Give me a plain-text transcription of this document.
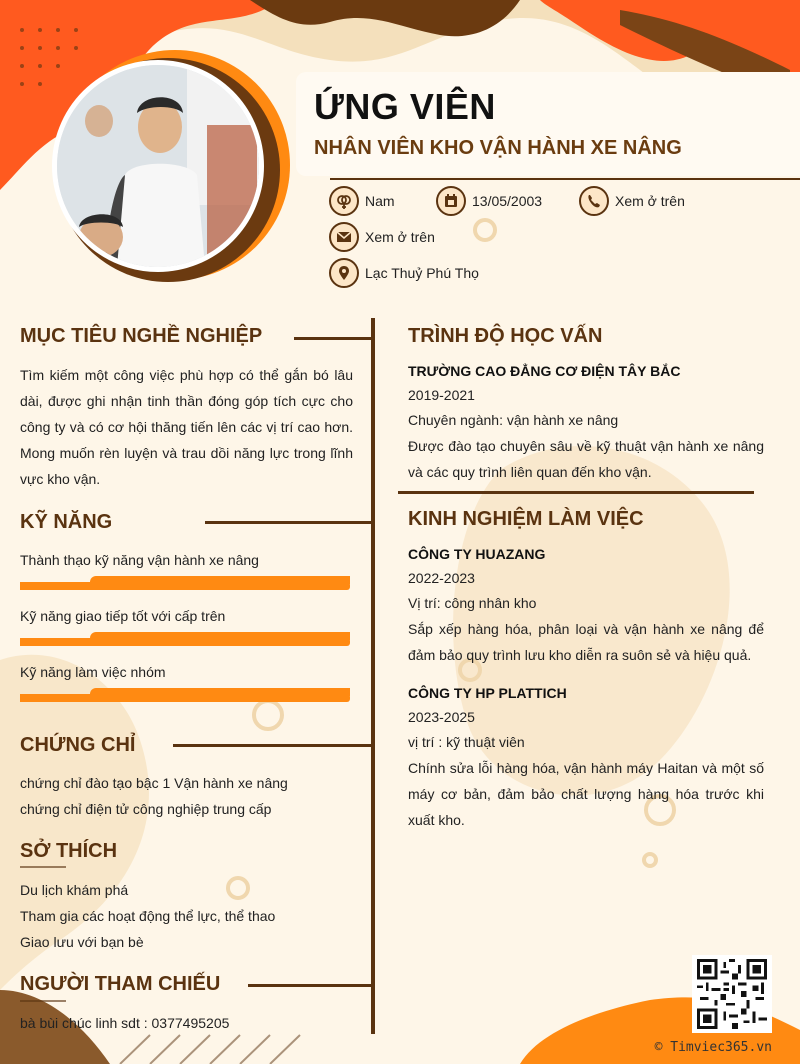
ỨNG VIÊN
NHÂN VIÊN KHO VẬN HÀNH XE NÂNG
Nam	13/05/2003	Xem ở trên
Xem ở trên
Lạc Thuỷ Phú Thọ
MỤC TIÊU NGHỀ NGHIỆP
Tìm kiếm một công việc phù hợp có thể gắn bó lâu dài, được ghi nhận tinh thần đóng góp tích cực cho công ty và có cơ hội thăng tiến lên các vị trí cao hơn. Mong muốn rèn luyện và trau dồi năng lực trong lĩnh vực kho vận.
KỸ NĂNG
Thành thạo kỹ năng vận hành xe nâng
Kỹ năng giao tiếp tốt với cấp trên
Kỹ năng làm việc nhóm
CHỨNG CHỈ
chứng chỉ đào tạo bậc 1 Vận hành xe nâng
chứng chỉ điện tử công nghiệp trung cấp
SỞ THÍCH
Du lịch khám phá
Tham gia các hoạt động thể lực, thể thao
Giao lưu với bạn bè
NGƯỜI THAM CHIẾU
bà bùi chúc linh sdt : 0377495205
TRÌNH ĐỘ HỌC VẤN
TRƯỜNG CAO ĐẲNG CƠ ĐIỆN TÂY BẮC
2019-2021
Chuyên ngành: vận hành xe nâng
Được đào tạo chuyên sâu về kỹ thuật vận hành xe nâng và các quy trình liên quan đến kho vận.
KINH NGHIỆM LÀM VIỆC
CÔNG TY HUAZANG
2022-2023
Vị trí: công nhân kho
Sắp xếp hàng hóa, phân loại và vận hành xe nâng để đảm bảo quy trình lưu kho diễn ra suôn sẻ và hiệu quả.
CÔNG TY HP PLATTICH
2023-2025
vị trí : kỹ thuật viên
Chính sửa lỗi hàng hóa, vận hành máy Haitan và một số máy cơ bản, đảm bảo chất lượng hàng hóa trước khi xuất kho.
© Timviec365.vn
